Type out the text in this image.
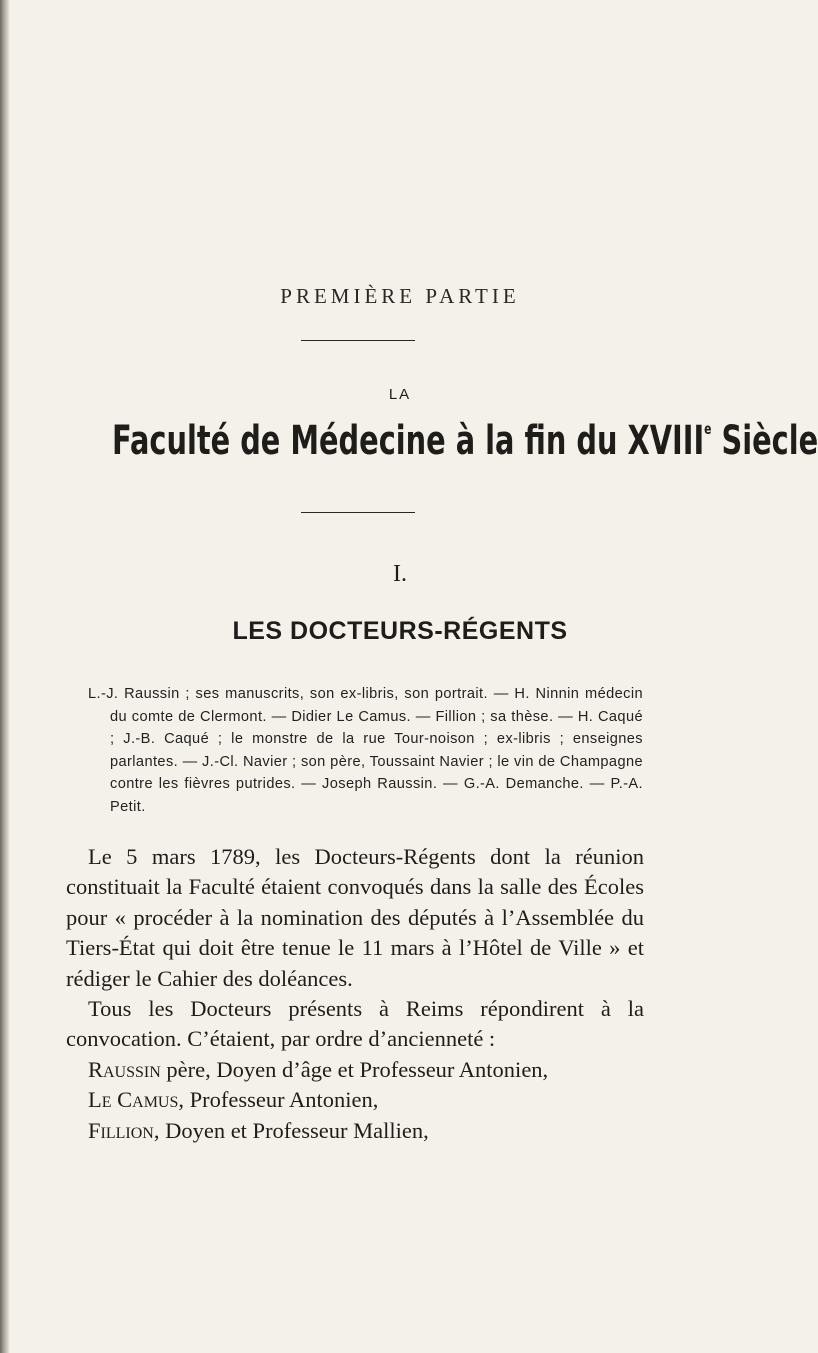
PREMIÈRE PARTIE
LA
Faculté de Médecine à la fin du XVIIIe Siècle
I.
LES DOCTEURS-RÉGENTS
L.-J. Raussin ; ses manuscrits, son ex-libris, son portrait. — H. Ninnin médecin du comte de Clermont. — Didier Le Camus. — Fillion ; sa thèse. — H. Caqué ; J.-B. Caqué ; le monstre de la rue Tour-noison ; ex-libris ; enseignes parlantes. — J.-Cl. Navier ; son père, Toussaint Navier ; le vin de Champagne contre les fièvres putrides. — Joseph Raussin. — G.-A. Demanche. — P.-A. Petit.

Le 5 mars 1789, les Docteurs-Régents dont la réunion constituait la Faculté étaient convoqués dans la salle des Écoles pour « procéder à la nomination des députés à l’Assemblée du Tiers-État qui doit être tenue le 11 mars à l’Hôtel de Ville » et rédiger le Cahier des doléances.

Tous les Docteurs présents à Reims répondirent à la convocation. C’étaient, par ordre d’ancienneté :

Raussin père, Doyen d’âge et Professeur Antonien,

Le Camus, Professeur Antonien,

Fillion, Doyen et Professeur Mallien,
